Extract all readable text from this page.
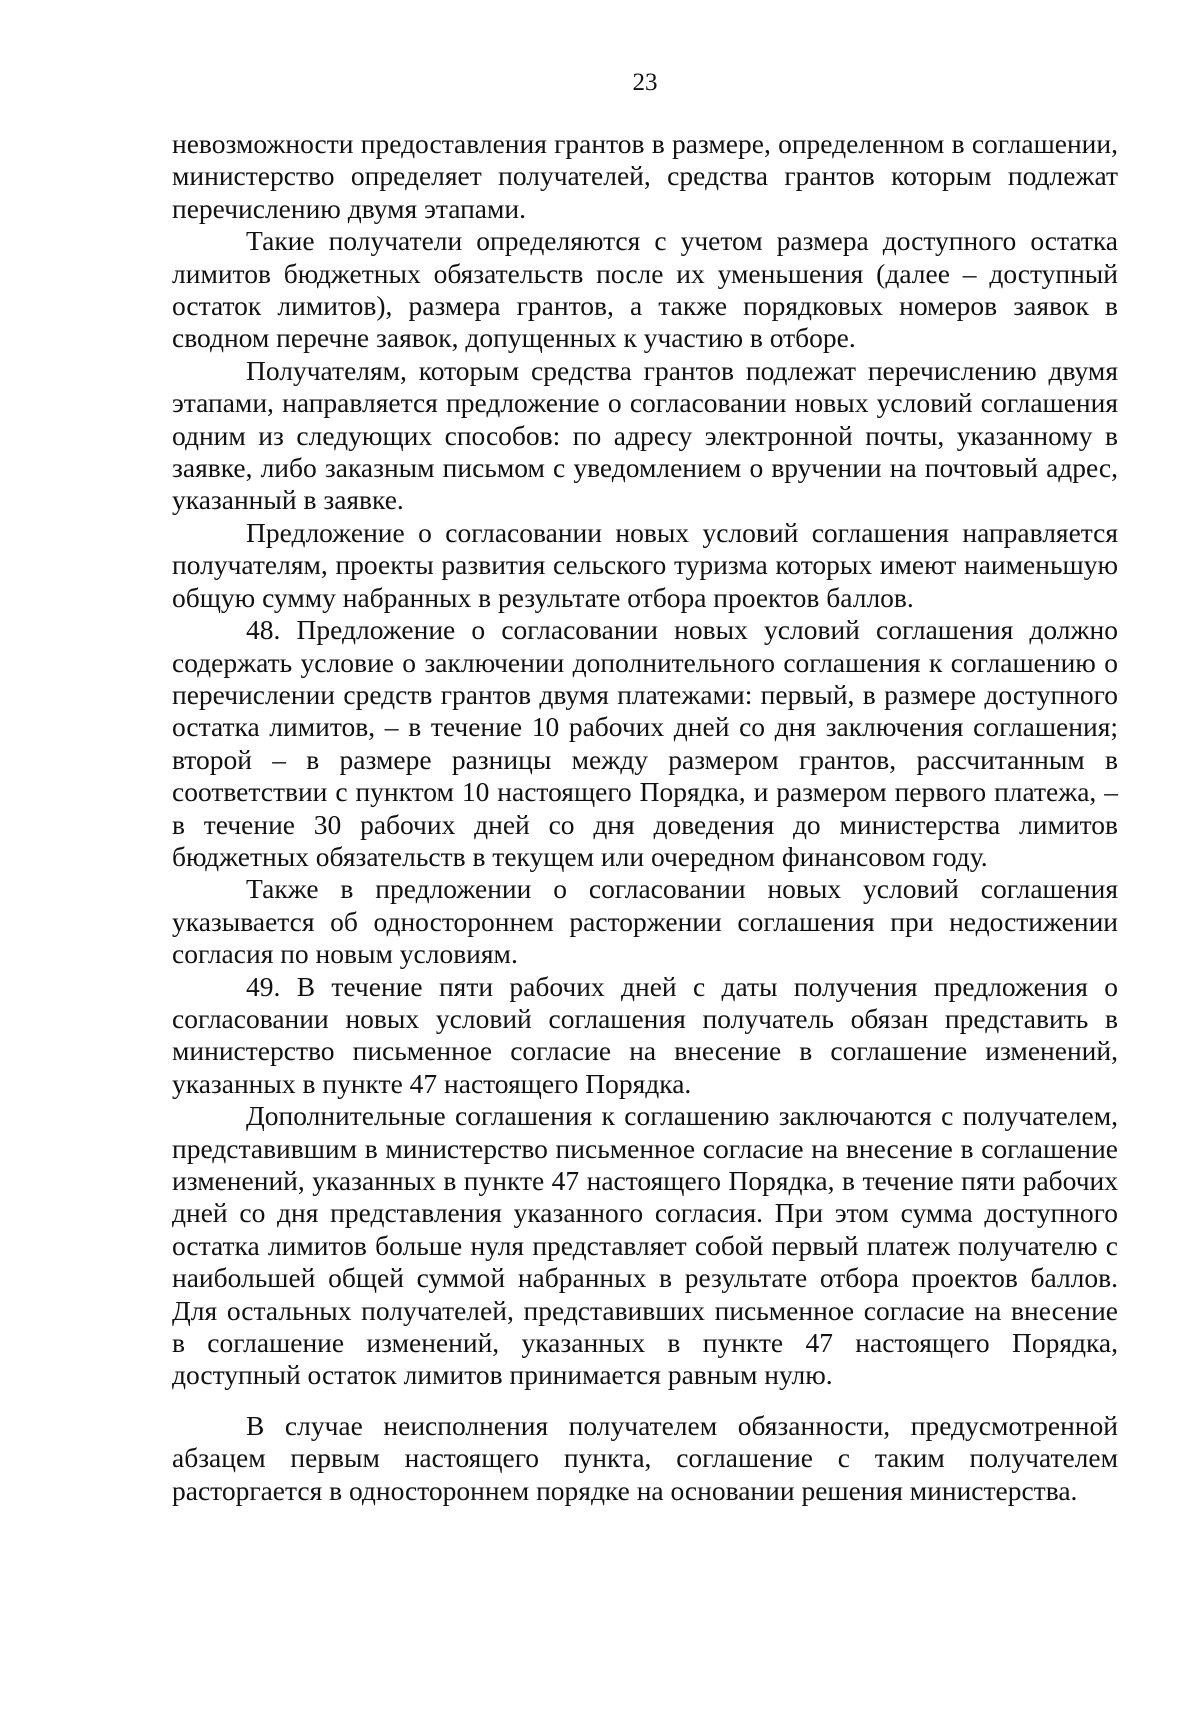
23

невозможности предоставления грантов в размере, определенном в соглашении, министерство определяет получателей, средства грантов которым подлежат перечислению двумя этапами.

Такие получатели определяются с учетом размера доступного остатка лимитов бюджетных обязательств после их уменьшения (далее – доступный остаток лимитов), размера грантов, а также порядковых номеров заявок в сводном перечне заявок, допущенных к участию в отборе.

Получателям, которым средства грантов подлежат перечислению двумя этапами, направляется предложение о согласовании новых условий соглашения одним из следующих способов: по адресу электронной почты, указанному в заявке, либо заказным письмом с уведомлением о вручении на почтовый адрес, указанный в заявке.

Предложение о согласовании новых условий соглашения направляется получателям, проекты развития сельского туризма которых имеют наименьшую общую сумму набранных в результате отбора проектов баллов.

48. Предложение о согласовании новых условий соглашения должно содержать условие о заключении дополнительного соглашения к соглашению о перечислении средств грантов двумя платежами: первый, в размере доступного остатка лимитов, – в течение 10 рабочих дней со дня заключения соглашения; второй – в размере разницы между размером грантов, рассчитанным в соответствии с пунктом 10 настоящего Порядка, и размером первого платежа, – в течение 30 рабочих дней со дня доведения до министерства лимитов бюджетных обязательств в текущем или очередном финансовом году.

Также в предложении о согласовании новых условий соглашения указывается об одностороннем расторжении соглашения при недостижении согласия по новым условиям.

49. В течение пяти рабочих дней с даты получения предложения о согласовании новых условий соглашения получатель обязан представить в министерство письменное согласие на внесение в соглашение изменений, указанных в пункте 47 настоящего Порядка.

Дополнительные соглашения к соглашению заключаются с получателем, представившим в министерство письменное согласие на внесение в соглашение изменений, указанных в пункте 47 настоящего Порядка, в течение пяти рабочих дней со дня представления указанного согласия. При этом сумма доступного остатка лимитов больше нуля представляет собой первый платеж получателю с наибольшей общей суммой набранных в результате отбора проектов баллов. Для остальных получателей, представивших письменное согласие на внесение в соглашение изменений, указанных в пункте 47 настоящего Порядка, доступный остаток лимитов принимается равным нулю.

В случае неисполнения получателем обязанности, предусмотренной абзацем первым настоящего пункта, соглашение с таким получателем расторгается в одностороннем порядке на основании решения министерства.
